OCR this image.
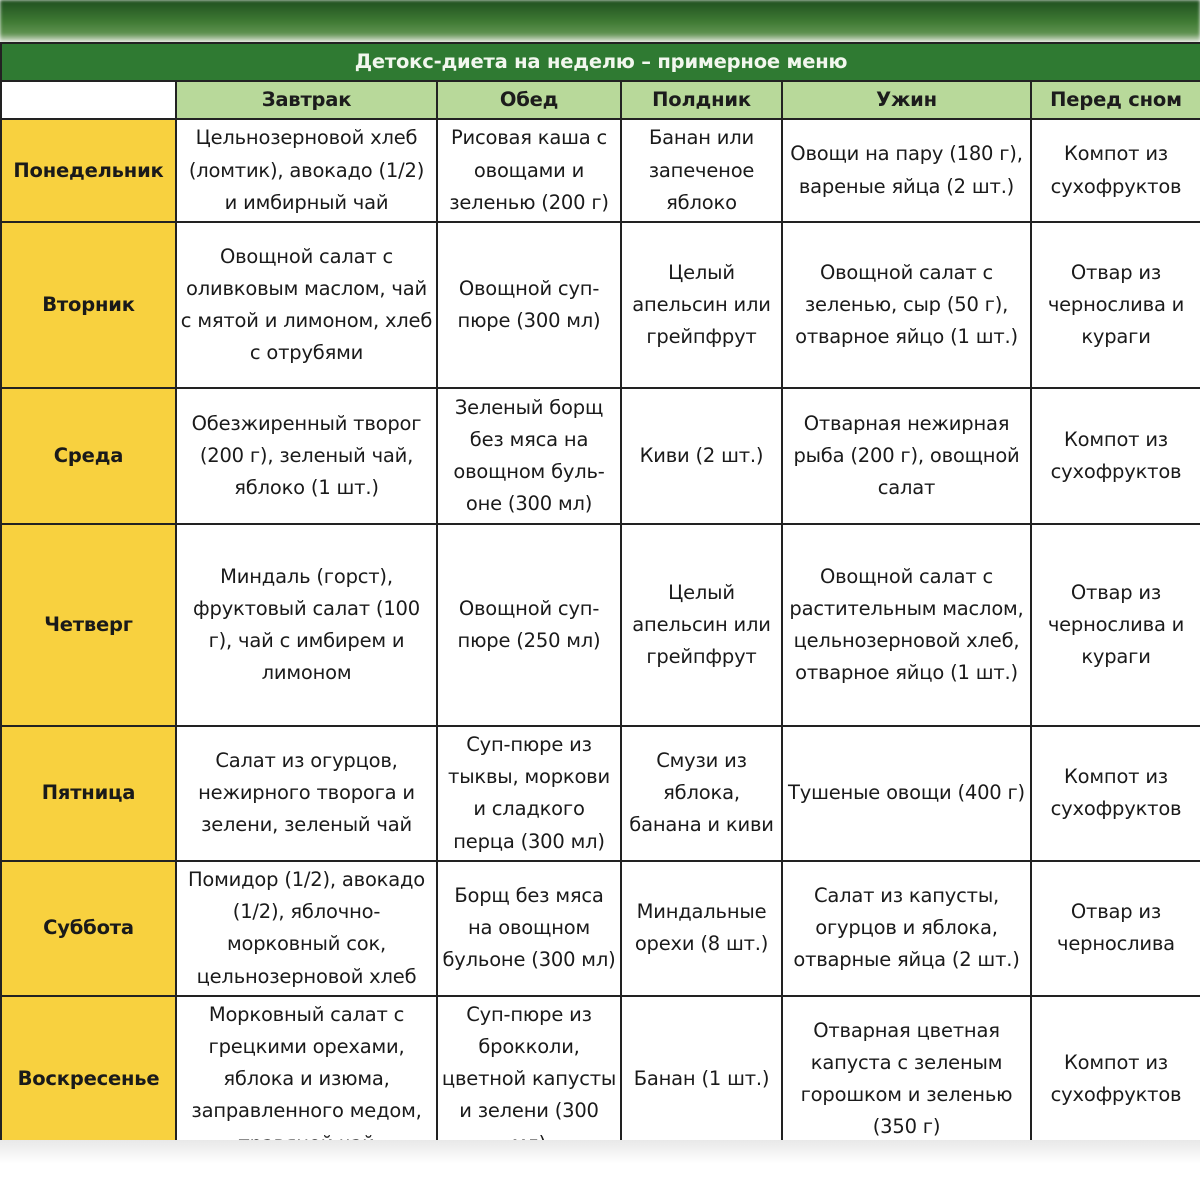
Детокс-диета на неделю – примерное меню					
	Завтрак	Обед	Полдник	Ужин	Перед сном
Понедельник	Цельнозерновой хлеб (ломтик), авокадо (1/2) и имбирный чай	Рисовая каша с овощами и зеленью (200 г)	Банан или запеченое яблоко	Овощи на пару (180 г), вареные яйца (2 шт.)	Компот из сухофруктов
Вторник	Овощной салат с оливковым маслом, чай с мятой и лимоном, хлеб с отрубями	Овощной суп-пюре (300 мл)	Целый апельсин или грейпфрут	Овощной салат с зеленью, сыр (50 г), отварное яйцо (1 шт.)	Отвар из чернослива и кураги
Среда	Обезжиренный творог (200 г), зеленый чай, яблоко (1 шт.)	Зеленый борщ без мяса на овощном буль-оне (300 мл)	Киви (2 шт.)	Отварная нежирная рыба (200 г), овощной салат	Компот из сухофруктов
Четверг	Миндаль (горст), фруктовый салат (100 г), чай с имбирем и лимоном	Овощной суп-пюре (250 мл)	Целый апельсин или грейпфрут	Овощной салат с растительным маслом, цельнозерновой хлеб, отварное яйцо (1 шт.)	Отвар из чернослива и кураги
Пятница	Салат из огурцов, нежирного творога и зелени, зеленый чай	Суп-пюре из тыквы, моркови и сладкого перца (300 мл)	Смузи из яблока, банана и киви	Тушеные овощи (400 г)	Компот из сухофруктов
Суббота	Помидор (1/2), авокадо (1/2), яблочно-морковный сок, цельнозерновой хлеб	Борщ без мяса на овощном бульоне (300 мл)	Миндальные орехи (8 шт.)	Салат из капусты, огурцов и яблока, отварные яйца (2 шт.)	Отвар из чернослива
Воскресенье	Морковный салат с грецкими орехами, яблока и изюма, заправленного медом,	Суп-пюре из брокколи, цветной капусты и зелени (300	Банан (1 шт.)	Отварная цветная капуста с зеленым горошком и зеленью (350 г)	Компот из сухофруктов
